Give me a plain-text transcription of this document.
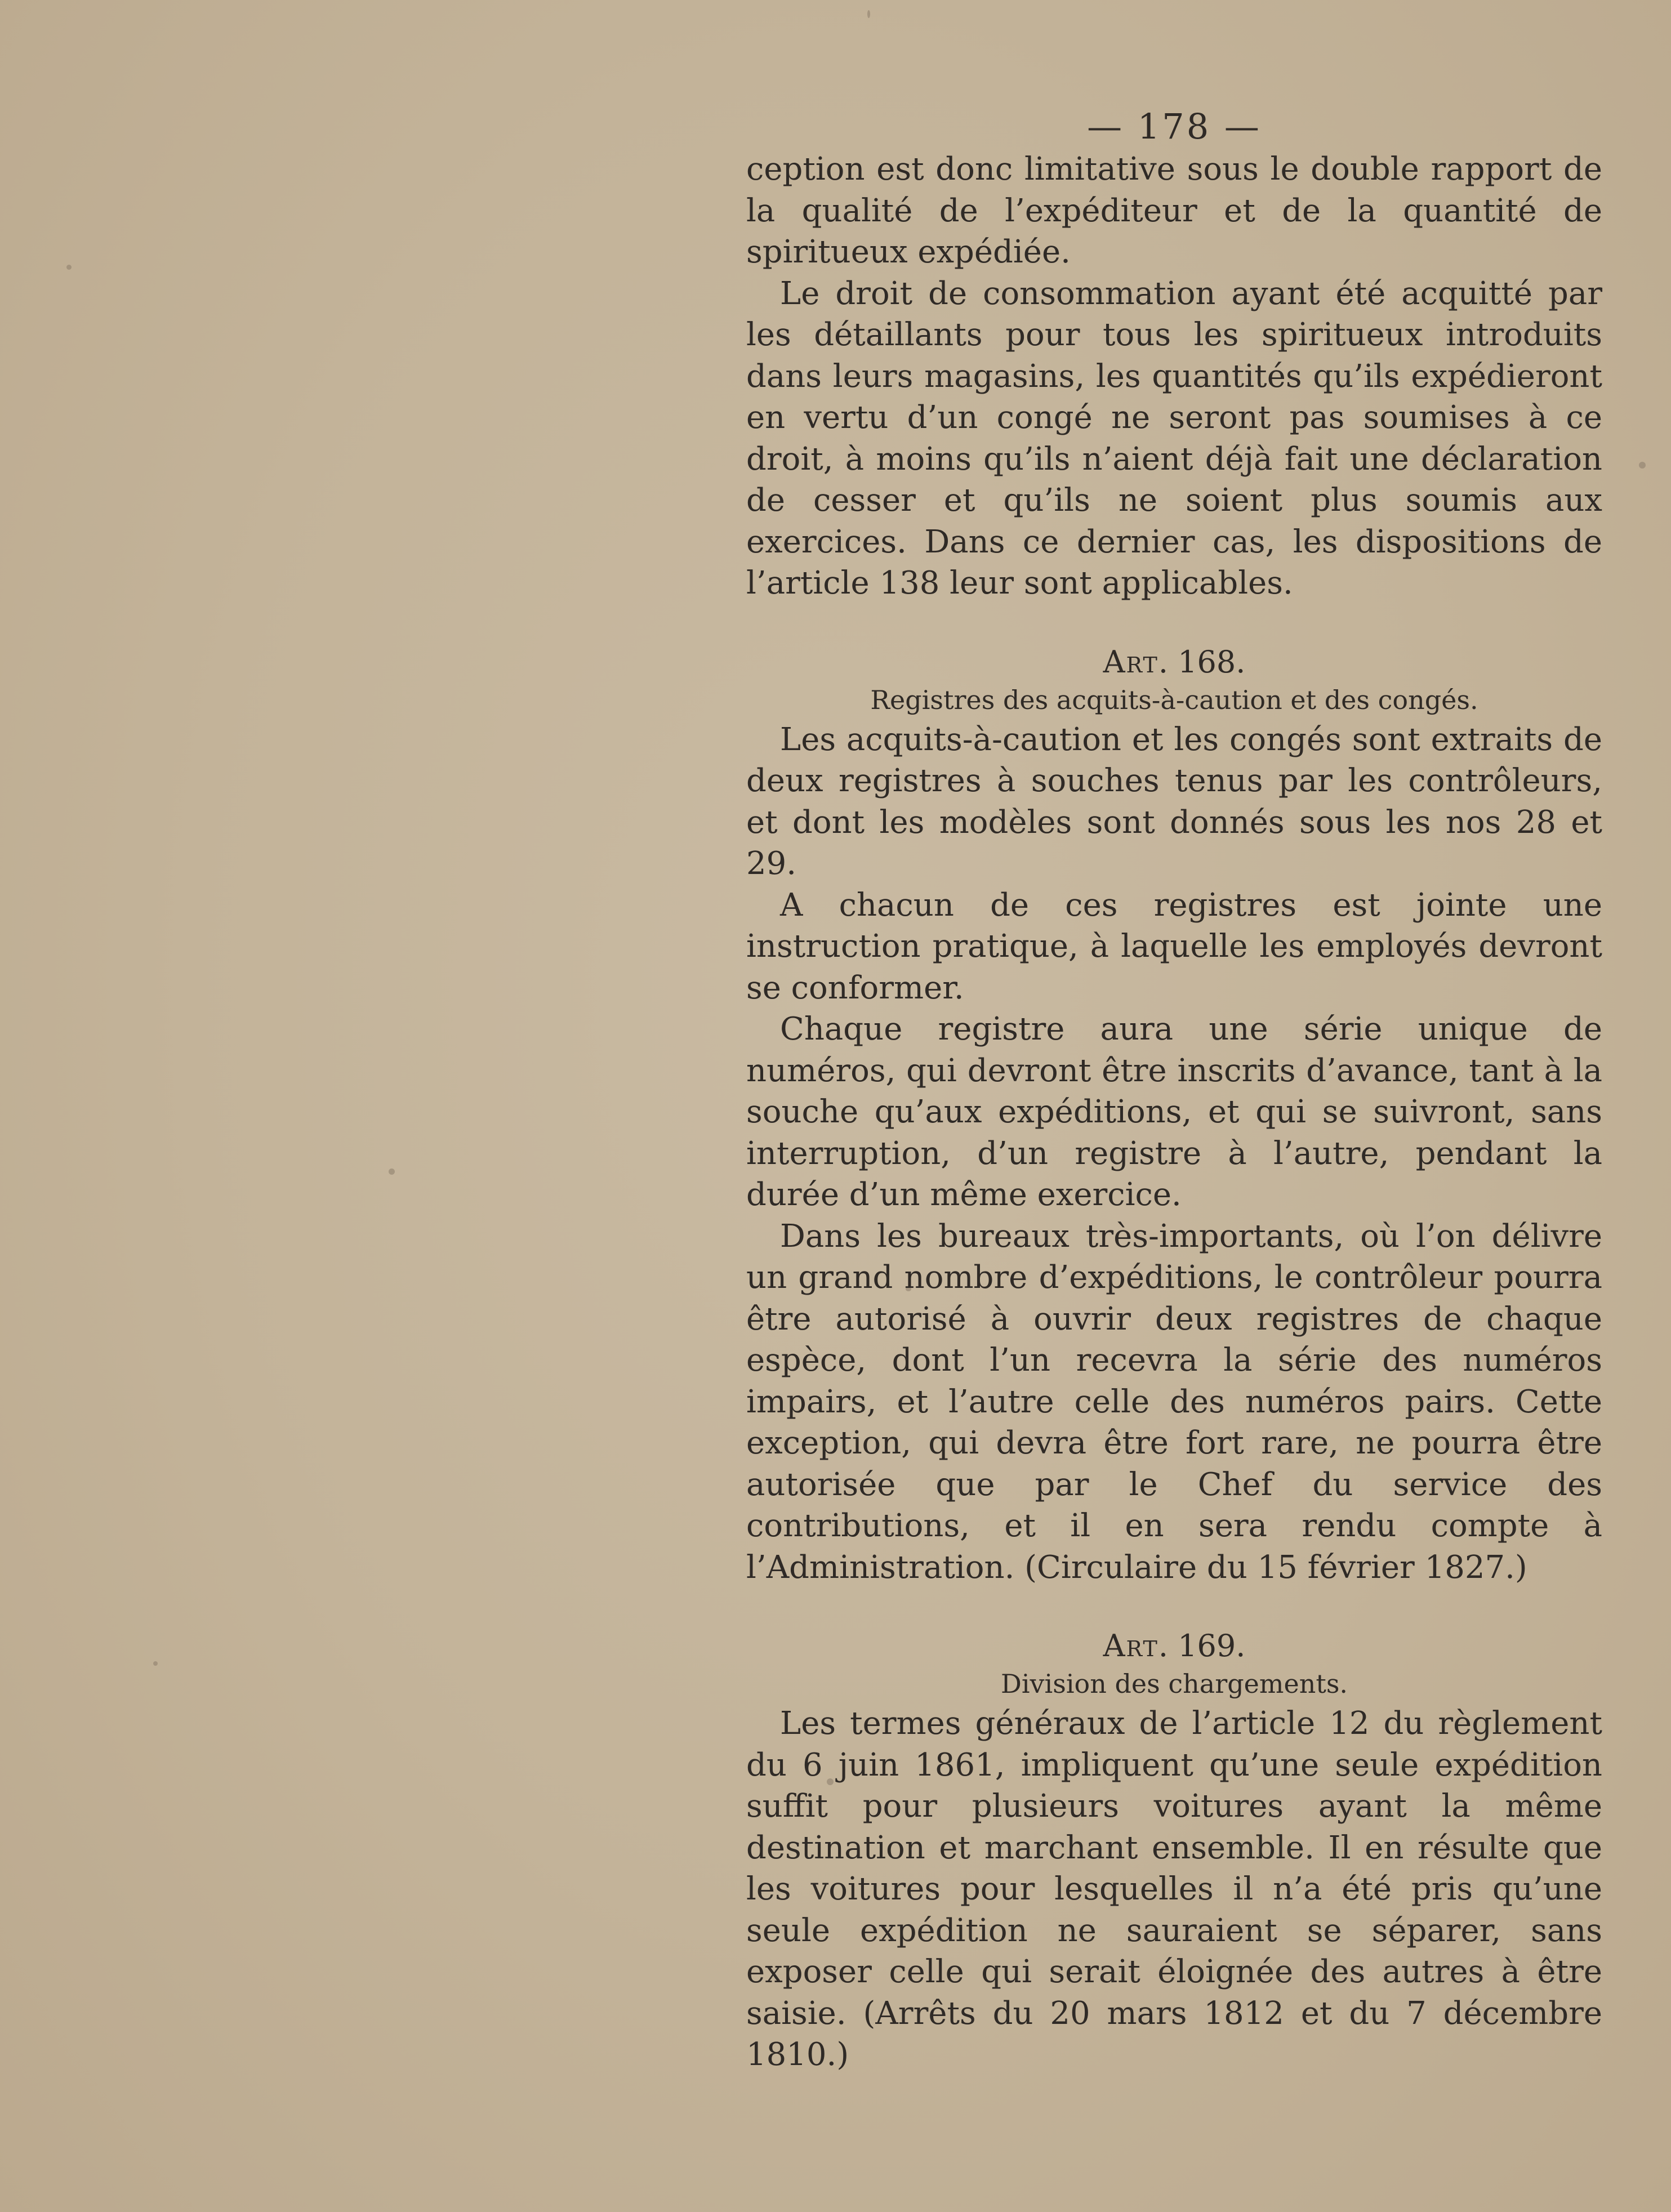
— 178 —

ception est donc limitative sous le double rapport de la qualité de l’expéditeur et de la quantité de spiritueux expédiée.

Le droit de consommation ayant été acquitté par les détaillants pour tous les spiritueux introduits dans leurs magasins, les quantités qu’ils expédieront en vertu d’un congé ne seront pas soumises à ce droit, à moins qu’ils n’aient déjà fait une déclaration de cesser et qu’ils ne soient plus soumis aux exercices. Dans ce dernier cas, les dispositions de l’article 138 leur sont applicables.

Art. 168.
Registres des acquits-à-caution et des congés.

Les acquits-à-caution et les congés sont extraits de deux registres à souches tenus par les contrôleurs, et dont les modèles sont donnés sous les nos 28 et 29.

A chacun de ces registres est jointe une instruction pratique, à laquelle les employés devront se conformer.

Chaque registre aura une série unique de numéros, qui devront être inscrits d’avance, tant à la souche qu’aux expéditions, et qui se suivront, sans interruption, d’un registre à l’autre, pendant la durée d’un même exercice.

Dans les bureaux très-importants, où l’on délivre un grand nombre d’expéditions, le contrôleur pourra être autorisé à ouvrir deux registres de chaque espèce, dont l’un recevra la série des numéros impairs, et l’autre celle des numéros pairs. Cette exception, qui devra être fort rare, ne pourra être autorisée que par le Chef du service des contributions, et il en sera rendu compte à l’Administration. (Circulaire du 15 février 1827.)

Art. 169.
Division des chargements.

Les termes généraux de l’article 12 du règlement du 6 juin 1861, impliquent qu’une seule expédition suffit pour plusieurs voitures ayant la même destination et marchant ensemble. Il en résulte que les voitures pour lesquelles il n’a été pris qu’une seule expédition ne sauraient se séparer, sans exposer celle qui serait éloignée des autres à être saisie. (Arrêts du 20 mars 1812 et du 7 décembre 1810.)
